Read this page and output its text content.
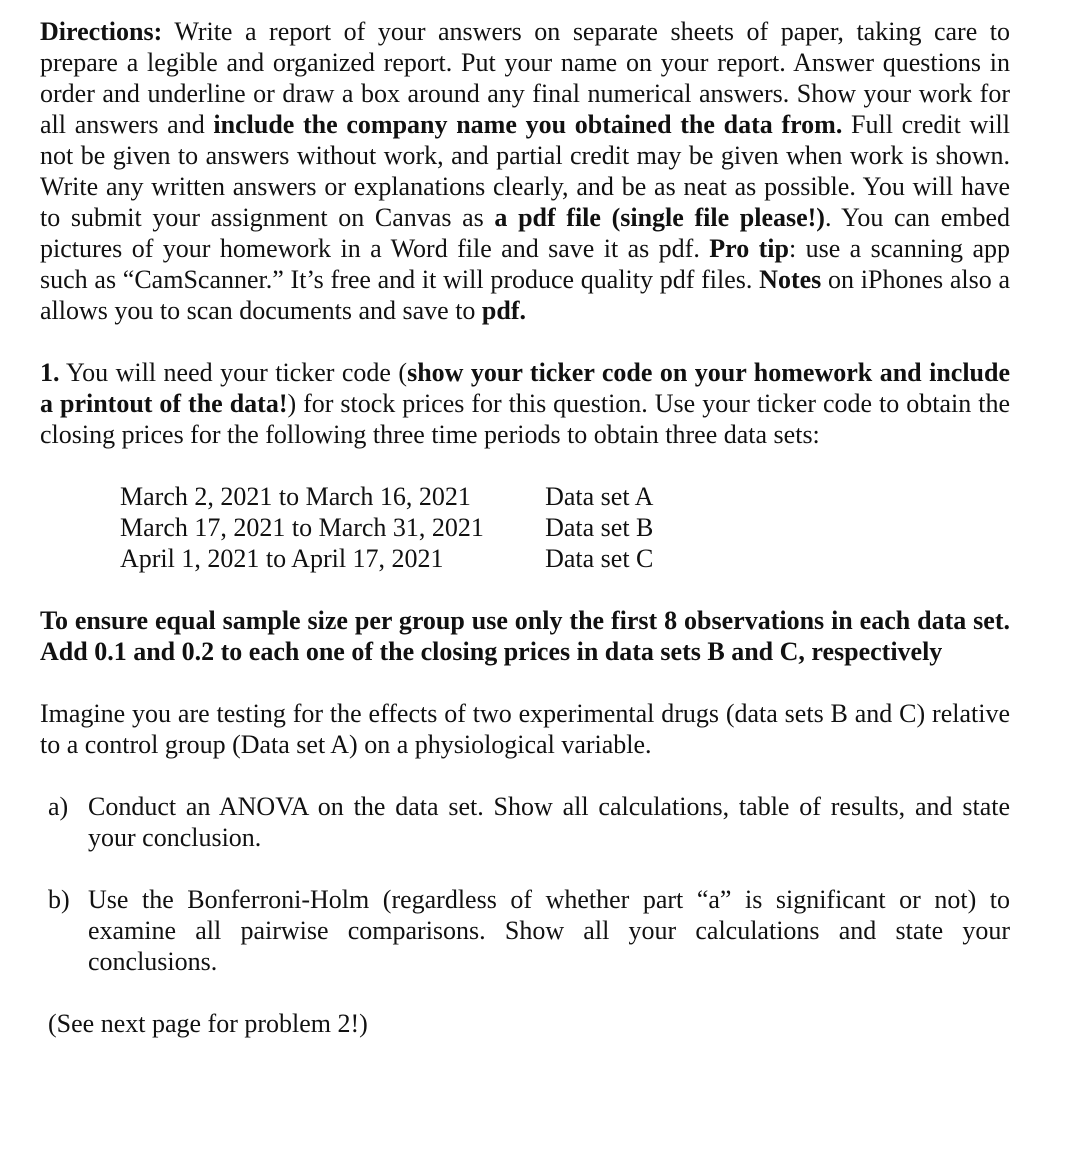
Directions: Write a report of your answers on separate sheets of paper, taking care to prepare a legible and organized report. Put your name on your report. Answer questions in order and underline or draw a box around any final numerical answers. Show your work for all answers and include the company name you obtained the data from. Full credit will not be given to answers without work, and partial credit may be given when work is shown. Write any written answers or explanations clearly, and be as neat as possible. You will have to submit your assignment on Canvas as a pdf file (single file please!). You can embed pictures of your homework in a Word file and save it as pdf. Pro tip: use a scanning app such as “CamScanner.” It’s free and it will produce quality pdf files. Notes on iPhones also a allows you to scan documents and save to pdf.

1. You will need your ticker code (show your ticker code on your homework and include a printout of the data!) for stock prices for this question. Use your ticker code to obtain the closing prices for the following three time periods to obtain three data sets:

March 2, 2021 to March 16, 2021	Data set A
March 17, 2021 to March 31, 2021	Data set B
April 1, 2021 to April 17, 2021	Data set C

To ensure equal sample size per group use only the first 8 observations in each data set. Add 0.1 and 0.2 to each one of the closing prices in data sets B and C, respectively

Imagine you are testing for the effects of two experimental drugs (data sets B and C) relative to a control group (Data set A) on a physiological variable.

a) Conduct an ANOVA on the data set. Show all calculations, table of results, and state your conclusion.
b) Use the Bonferroni-Holm (regardless of whether part “a” is significant or not) to examine all pairwise comparisons. Show all your calculations and state your conclusions.

(See next page for problem 2!)
